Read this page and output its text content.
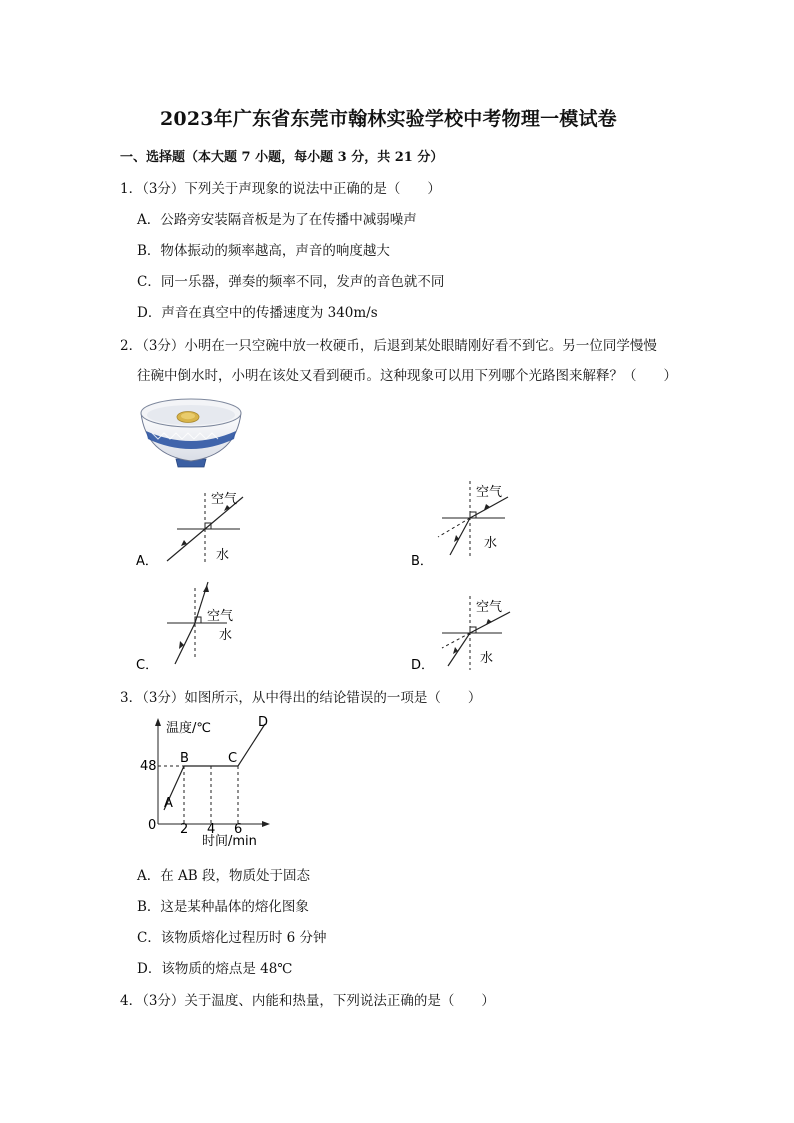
2023年广东省东莞市翰林实验学校中考物理一模试卷
一、选择题（本大题 7 小题，每小题 3 分，共 21 分）
1．（3分）下列关于声现象的说法中正确的是（　　）
A．公路旁安装隔音板是为了在传播中减弱噪声
B．物体振动的频率越高，声音的响度越大
C．同一乐器，弹奏的频率不同，发声的音色就不同
D．声音在真空中的传播速度为 340m/s
2．（3分）小明在一只空碗中放一枚硬币，后退到某处眼睛刚好看不到它。另一位同学慢慢
往碗中倒水时，小明在该处又看到硬币。这种现象可以用下列哪个光路图来解释？（　　）
空气
水
A．
空气
水
B．
空气
水
C．
空气
水
D．
3．（3分）如图所示，从中得出的结论错误的一项是（　　）
温度/℃
48
0 2 4 6
时间/min
A
B	C
D
A．在 AB 段，物质处于固态
B．这是某种晶体的熔化图象
C．该物质熔化过程历时 6 分钟
D．该物质的熔点是 48℃
4．（3分）关于温度、内能和热量，下列说法正确的是（　　）
